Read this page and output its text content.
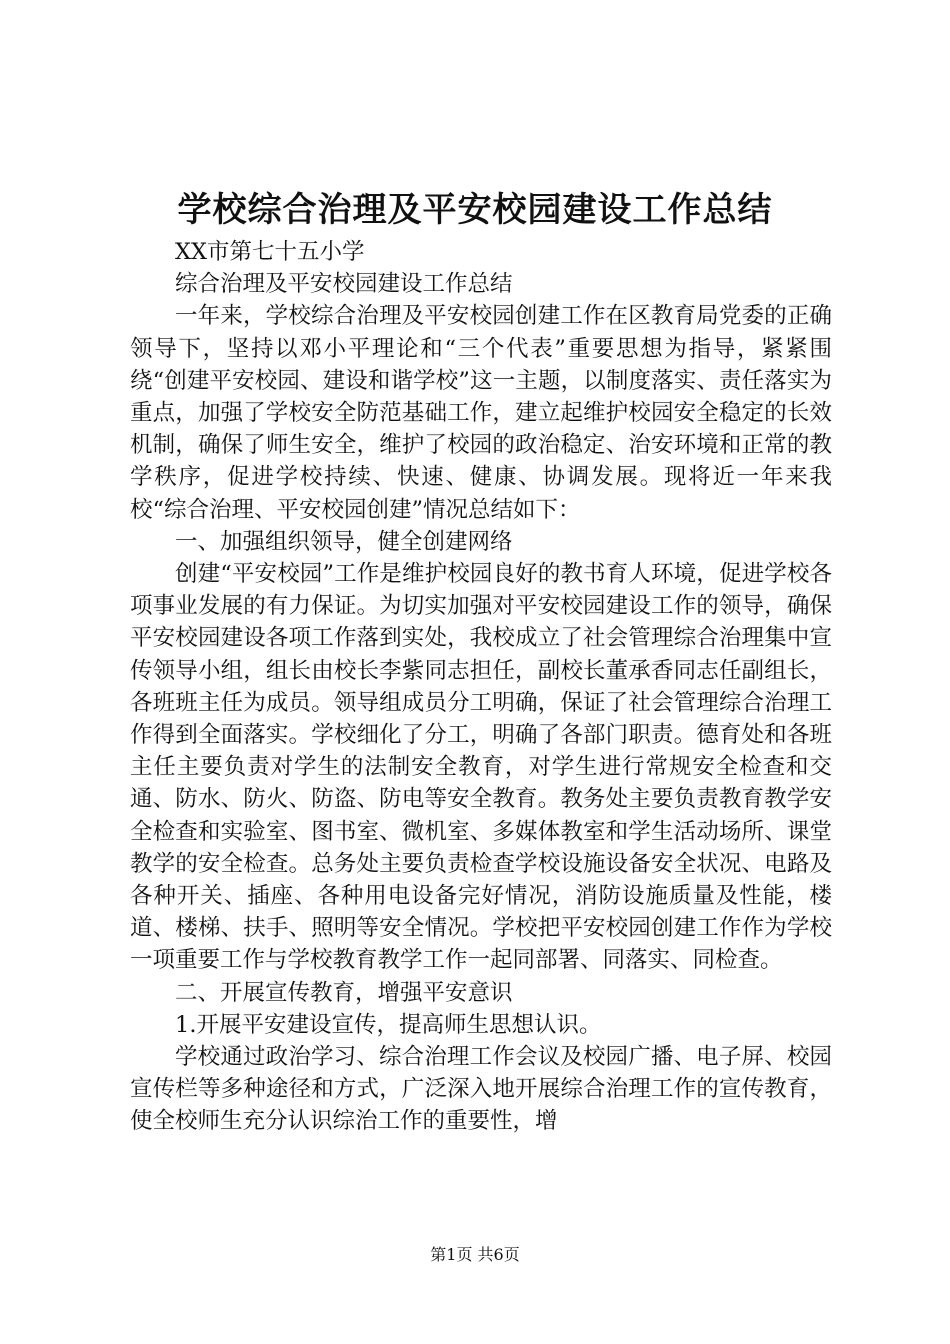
学校综合治理及平安校园建设工作总结

XX市第七十五小学

综合治理及平安校园建设工作总结

一年来，学校综合治理及平安校园创建工作在区教育局党委的正确领导下，坚持以邓小平理论和“三个代表”重要思想为指导，紧紧围绕“创建平安校园、建设和谐学校”这一主题，以制度落实、责任落实为重点，加强了学校安全防范基础工作，建立起维护校园安全稳定的长效机制，确保了师生安全，维护了校园的政治稳定、治安环境和正常的教学秩序，促进学校持续、快速、健康、协调发展。现将近一年来我校“综合治理、平安校园创建”情况总结如下：

一、加强组织领导，健全创建网络

创建“平安校园”工作是维护校园良好的教书育人环境，促进学校各项事业发展的有力保证。为切实加强对平安校园建设工作的领导，确保平安校园建设各项工作落到实处，我校成立了社会管理综合治理集中宣传领导小组，组长由校长李紫同志担任，副校长董承香同志任副组长，各班班主任为成员。领导组成员分工明确，保证了社会管理综合治理工作得到全面落实。学校细化了分工，明确了各部门职责。德育处和各班主任主要负责对学生的法制安全教育，对学生进行常规安全检查和交通、防水、防火、防盗、防电等安全教育。教务处主要负责教育教学安全检查和实验室、图书室、微机室、多媒体教室和学生活动场所、课堂教学的安全检查。总务处主要负责检查学校设施设备安全状况、电路及各种开关、插座、各种用电设备完好情况，消防设施质量及性能，楼道、楼梯、扶手、照明等安全情况。学校把平安校园创建工作作为学校一项重要工作与学校教育教学工作一起同部署、同落实、同检查。

二、开展宣传教育，增强平安意识

1.开展平安建设宣传，提高师生思想认识。

学校通过政治学习、综合治理工作会议及校园广播、电子屏、校园宣传栏等多种途径和方式，广泛深入地开展综合治理工作的宣传教育，使全校师生充分认识综治工作的重要性，增

第1页 共6页
